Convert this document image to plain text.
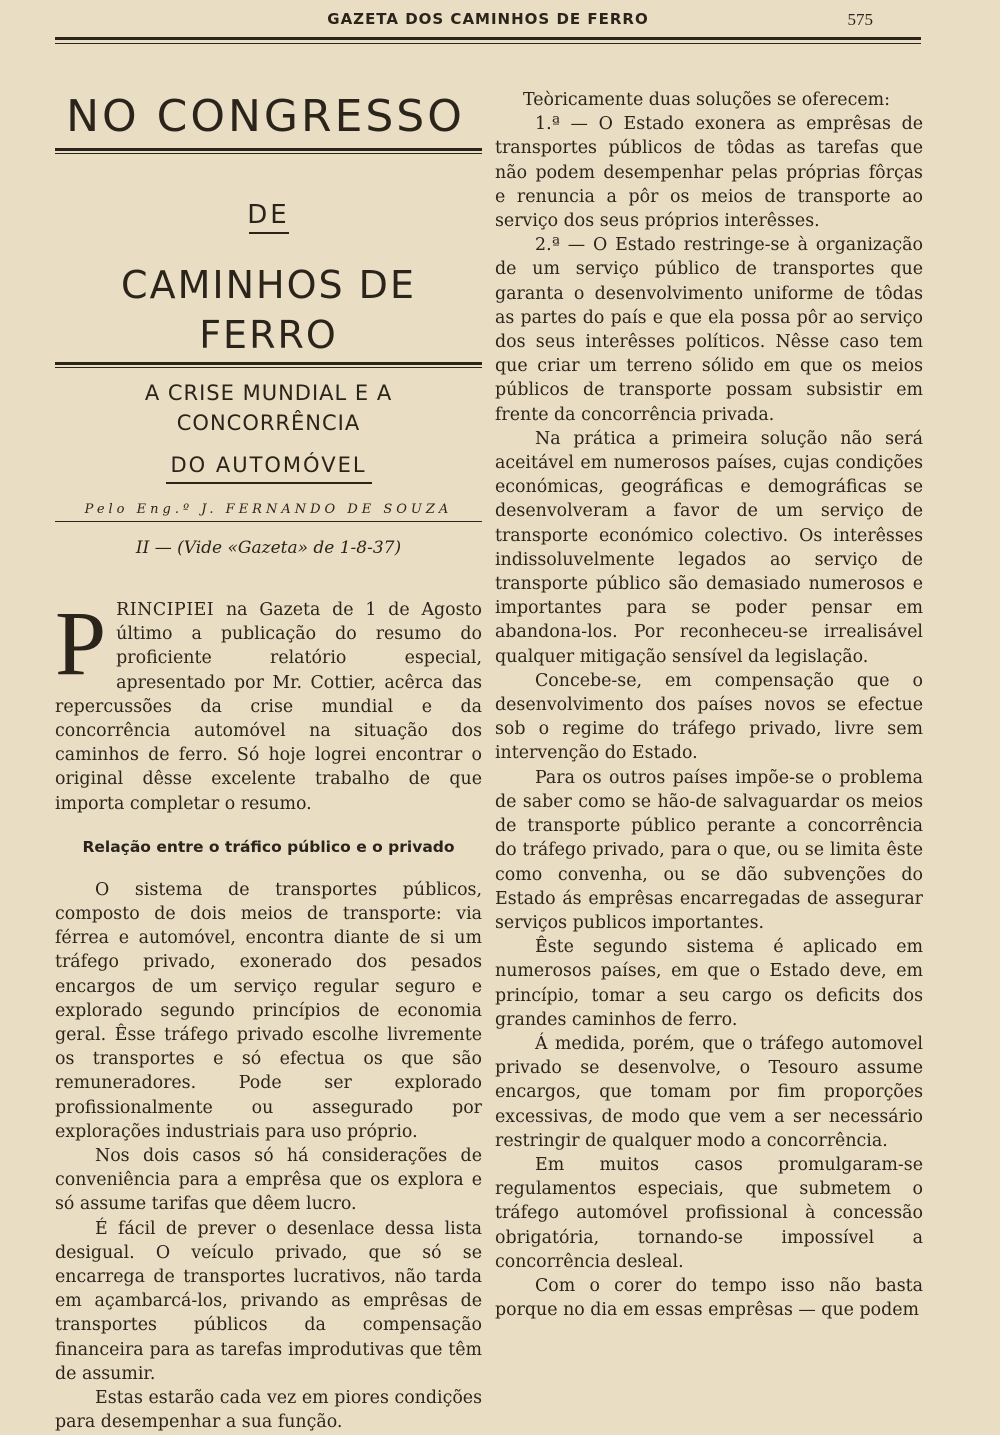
GAZETA DOS CAMINHOS DE FERRO	575
NO CONGRESSO
DE
CAMINHOS DE FERRO
A CRISE MUNDIAL E A CONCORRÊNCIA
DO AUTOMÓVEL
Pelo Eng.º J. FERNANDO DE SOUZA
II — (Vide «Gazeta» de 1-8-37)
PRINCIPIEI na Gazeta de 1 de Agosto último a publicação do resumo do proficiente relatório especial, apresentado por Mr. Cottier, acêrca das repercussões da crise mundial e da concorrência automóvel na situação dos caminhos de ferro. Só hoje logrei encontrar o original dêsse excelente trabalho de que importa completar o resumo.
Relação entre o tráfico público e o privado

O sistema de transportes públicos, composto de dois meios de transporte: via férrea e automóvel, encontra diante de si um tráfego privado, exonerado dos pesados encargos de um serviço regular seguro e explorado segundo princípios de economia geral. Êsse tráfego privado escolhe livremente os transportes e só efectua os que são remuneradores. Pode ser explorado profissionalmente ou assegurado por explorações industriais para uso próprio.

Nos dois casos só há considerações de conveniência para a emprêsa que os explora e só assume tarifas que dêem lucro.

É fácil de prever o desenlace dessa lista desigual. O veículo privado, que só se encarrega de transportes lucrativos, não tarda em açambarcá-los, privando as emprêsas de transportes públicos da compensação financeira para as tarefas improdutivas que têm de assumir.

Estas estarão cada vez em piores condições para desempenhar a sua função.

Teòricamente duas soluções se oferecem:

1.ª — O Estado exonera as emprêsas de transportes públicos de tôdas as tarefas que não podem desempenhar pelas próprias fôrças e renuncia a pôr os meios de transporte ao serviço dos seus próprios interêsses.

2.ª — O Estado restringe-se à organização de um serviço público de transportes que garanta o desenvolvimento uniforme de tôdas as partes do país e que ela possa pôr ao serviço dos seus interêsses políticos. Nêsse caso tem que criar um terreno sólido em que os meios públicos de transporte possam subsistir em frente da concorrência privada.

Na prática a primeira solução não será aceitável em numerosos países, cujas condições económicas, geográficas e demográficas se desenvolveram a favor de um serviço de transporte económico colectivo. Os interêsses indissoluvelmente legados ao serviço de transporte público são demasiado numerosos e importantes para se poder pensar em abandona-los. Por reconheceu-se irrealisável qualquer mitigação sensível da legislação.

Concebe-se, em compensação que o desenvolvimento dos países novos se efectue sob o regime do tráfego privado, livre sem intervenção do Estado.

Para os outros países impõe-se o problema de saber como se hão-de salvaguardar os meios de transporte público perante a concorrência do tráfego privado, para o que, ou se limita êste como convenha, ou se dão subvenções do Estado ás emprêsas encarregadas de assegurar serviços publicos importantes.

Êste segundo sistema é aplicado em numerosos países, em que o Estado deve, em princípio, tomar a seu cargo os deficits dos grandes caminhos de ferro.

Á medida, porém, que o tráfego automovel privado se desenvolve, o Tesouro assume encargos, que tomam por fim proporções excessivas, de modo que vem a ser necessário restringir de qualquer modo a concorrência.

Em muitos casos promulgaram-se regulamentos especiais, que submetem o tráfego automóvel profissional à concessão obrigatória, tornando-se impossível a concorrência desleal.

Com o corer do tempo isso não basta porque no dia em essas emprêsas — que podem
